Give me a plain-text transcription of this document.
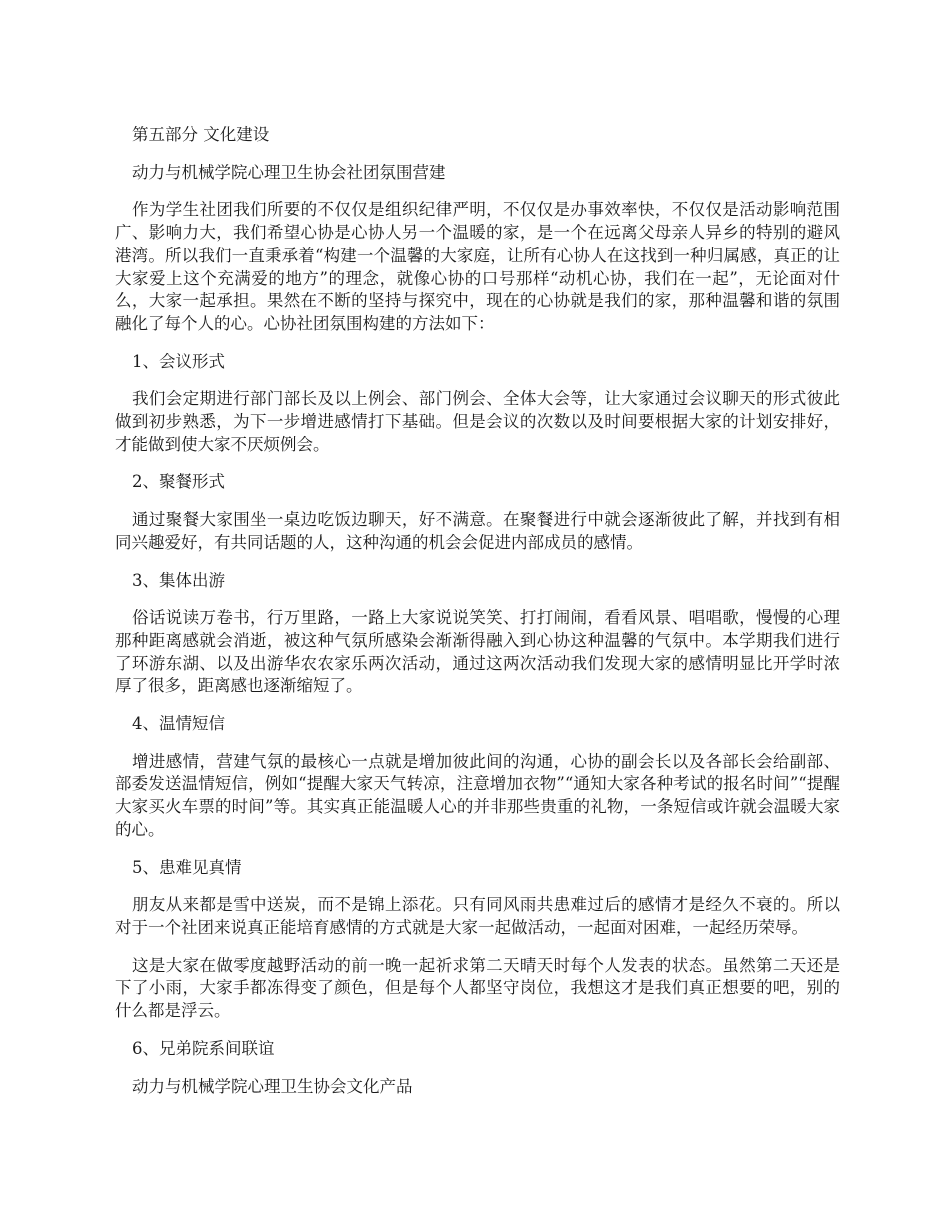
第五部分 文化建设

动力与机械学院心理卫生协会社团氛围营建

作为学生社团我们所要的不仅仅是组织纪律严明，不仅仅是办事效率快，不仅仅是活动影响范围广、影响力大，我们希望心协是心协人另一个温暖的家，是一个在远离父母亲人异乡的特别的避风港湾。所以我们一直秉承着“构建一个温馨的大家庭，让所有心协人在这找到一种归属感，真正的让大家爱上这个充满爱的地方”的理念，就像心协的口号那样“动机心协，我们在一起”，无论面对什么，大家一起承担。果然在不断的坚持与探究中，现在的心协就是我们的家，那种温馨和谐的氛围融化了每个人的心。心协社团氛围构建的方法如下：

1、会议形式

我们会定期进行部门部长及以上例会、部门例会、全体大会等，让大家通过会议聊天的形式彼此做到初步熟悉，为下一步增进感情打下基础。但是会议的次数以及时间要根据大家的计划安排好，才能做到使大家不厌烦例会。

2、聚餐形式

通过聚餐大家围坐一桌边吃饭边聊天，好不满意。在聚餐进行中就会逐渐彼此了解，并找到有相同兴趣爱好，有共同话题的人，这种沟通的机会会促进内部成员的感情。

3、集体出游

俗话说读万卷书，行万里路，一路上大家说说笑笑、打打闹闹，看看风景、唱唱歌，慢慢的心理那种距离感就会消逝，被这种气氛所感染会渐渐得融入到心协这种温馨的气氛中。本学期我们进行了环游东湖、以及出游华农农家乐两次活动，通过这两次活动我们发现大家的感情明显比开学时浓厚了很多，距离感也逐渐缩短了。

4、温情短信

增进感情，营建气氛的最核心一点就是增加彼此间的沟通，心协的副会长以及各部长会给副部、部委发送温情短信，例如“提醒大家天气转凉，注意增加衣物”“通知大家各种考试的报名时间”“提醒大家买火车票的时间”等。其实真正能温暖人心的并非那些贵重的礼物，一条短信或许就会温暖大家的心。

5、患难见真情

朋友从来都是雪中送炭，而不是锦上添花。只有同风雨共患难过后的感情才是经久不衰的。所以对于一个社团来说真正能培育感情的方式就是大家一起做活动，一起面对困难，一起经历荣辱。

这是大家在做零度越野活动的前一晚一起祈求第二天晴天时每个人发表的状态。虽然第二天还是下了小雨，大家手都冻得变了颜色，但是每个人都坚守岗位，我想这才是我们真正想要的吧，别的什么都是浮云。

6、兄弟院系间联谊

动力与机械学院心理卫生协会文化产品
